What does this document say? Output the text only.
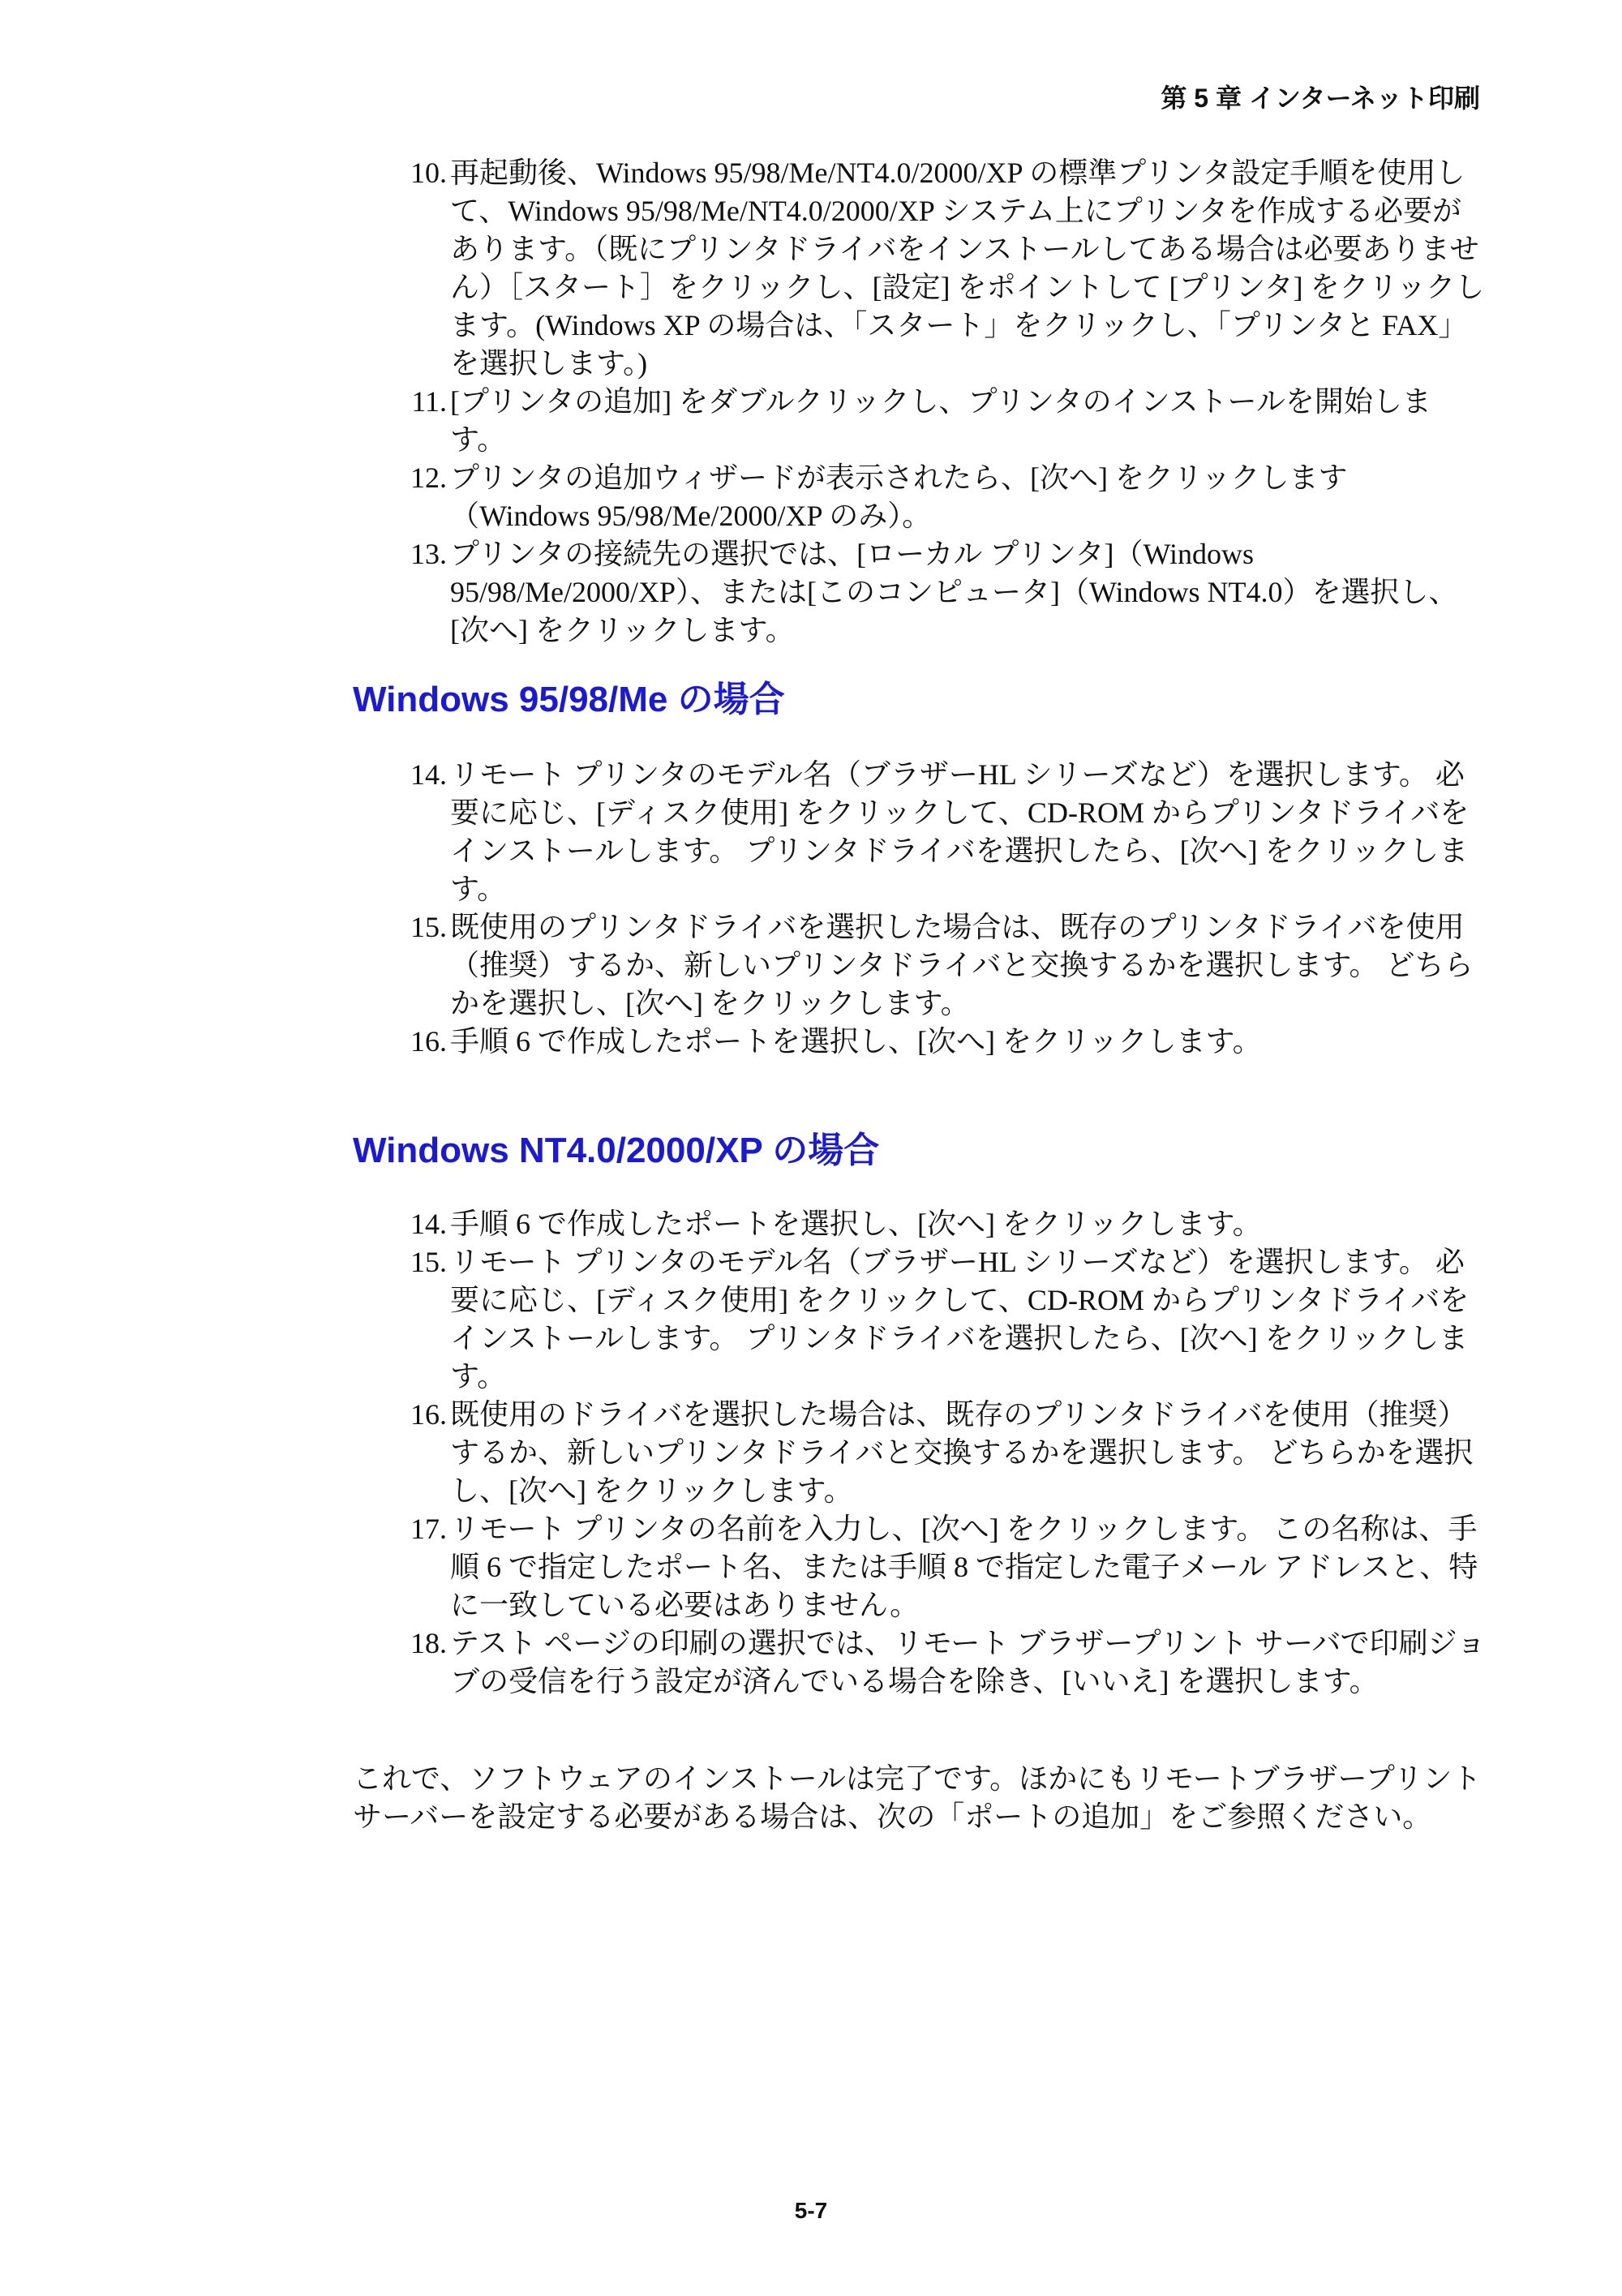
第 5 章 インターネット印刷
10. 再起動後、Windows 95/98/Me/NT4.0/2000/XP の標準プリンタ設定手順を使用して、Windows 95/98/Me/NT4.0/2000/XP システム上にプリンタを作成する必要があります。（既にプリンタドライバをインストールしてある場合は必要ありません）［スタート］をクリックし、[設定] をポイントして [プリンタ] をクリックします。(Windows XP の場合は、「スタート」をクリックし、「プリンタと FAX」を選択します。)
11. [プリンタの追加] をダブルクリックし、プリンタのインストールを開始します。
12. プリンタの追加ウィザードが表示されたら、[次へ] をクリックします（Windows 95/98/Me/2000/XP のみ）。
13. プリンタの接続先の選択では、[ローカル プリンタ]（Windows 95/98/Me/2000/XP）、または[このコンピュータ]（Windows NT4.0）を選択し、[次へ] をクリックします。
Windows 95/98/Me の場合
14. リモート プリンタのモデル名（ブラザーHL シリーズなど）を選択します。 必要に応じ、[ディスク使用] をクリックして、CD-ROM からプリンタドライバをインストールします。 プリンタドライバを選択したら、[次へ] をクリックします。
15. 既使用のプリンタドライバを選択した場合は、既存のプリンタドライバを使用（推奨）するか、新しいプリンタドライバと交換するかを選択します。 どちらかを選択し、[次へ] をクリックします。
16. 手順 6 で作成したポートを選択し、[次へ] をクリックします。
Windows NT4.0/2000/XP の場合
14. 手順 6 で作成したポートを選択し、[次へ] をクリックします。
15. リモート プリンタのモデル名（ブラザーHL シリーズなど）を選択します。 必要に応じ、[ディスク使用] をクリックして、CD-ROM からプリンタドライバをインストールします。 プリンタドライバを選択したら、[次へ] をクリックします。
16. 既使用のドライバを選択した場合は、既存のプリンタドライバを使用（推奨）するか、新しいプリンタドライバと交換するかを選択します。 どちらかを選択し、[次へ] をクリックします。
17. リモート プリンタの名前を入力し、[次へ] をクリックします。 この名称は、手順 6 で指定したポート名、または手順 8 で指定した電子メール アドレスと、特に一致している必要はありません。
18. テスト ページの印刷の選択では、リモート ブラザープリント サーバで印刷ジョブの受信を行う設定が済んでいる場合を除き、[いいえ] を選択します。

これで、ソフトウェアのインストールは完了です。ほかにもリモートブラザープリントサーバーを設定する必要がある場合は、次の「ポートの追加」をご参照ください。

5-7
